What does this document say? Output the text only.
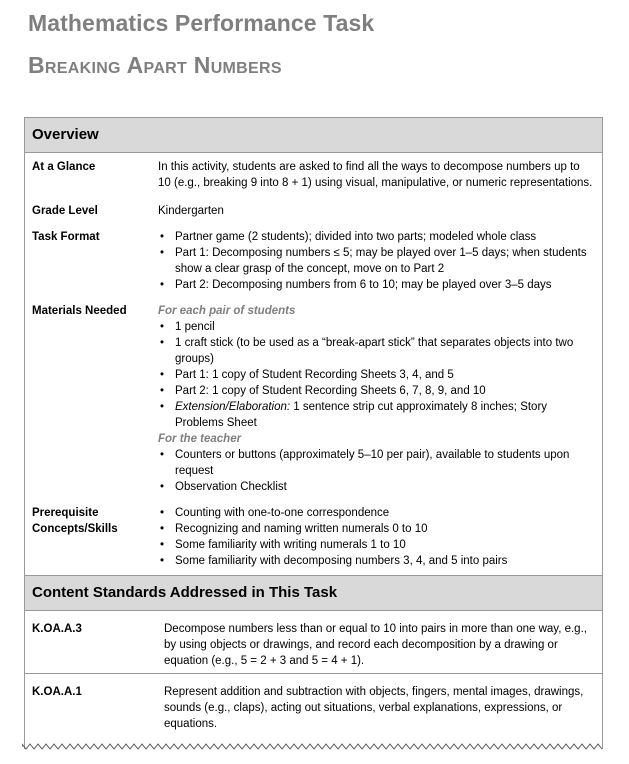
Mathematics Performance Task
Breaking Apart Numbers
Overview
At a Glance	In this activity, students are asked to find all the ways to decompose numbers up to 10 (e.g., breaking 9 into 8 + 1) using visual, manipulative, or numeric representations.
Grade Level	Kindergarten
Task Format
•	Partner game (2 students); divided into two parts; modeled whole class
• Part 1: Decomposing numbers ≤ 5; may be played over 1–5 days; when students show a clear grasp of the concept, move on to Part 2
• Part 2: Decomposing numbers from 6 to 10; may be played over 3–5 days
Materials Needed	For each pair of students
• 1 pencil
• 1 craft stick (to be used as a “break-apart stick” that separates objects into two groups)
• Part 1: 1 copy of Student Recording Sheets 3, 4, and 5
• Part 2: 1 copy of Student Recording Sheets 6, 7, 8, 9, and 10
• Extension/Elaboration: 1 sentence strip cut approximately 8 inches; Story Problems Sheet
For the teacher
• Counters or buttons (approximately 5–10 per pair), available to students upon request
• Observation Checklist
Prerequisite
Concepts/Skills
• Counting with one-to-one correspondence
• Recognizing and naming written numerals 0 to 10
• Some familiarity with writing numerals 1 to 10
• Some familiarity with decomposing numbers 3, 4, and 5 into pairs
Content Standards Addressed in This Task
K.OA.A.3	Decompose numbers less than or equal to 10 into pairs in more than one way, e.g., by using objects or drawings, and record each decomposition by a drawing or equation (e.g., 5 = 2 + 3 and 5 = 4 + 1).
K.OA.A.1	Represent addition and subtraction with objects, fingers, mental images, drawings, sounds (e.g., claps), acting out situations, verbal explanations, expressions, or equations.
